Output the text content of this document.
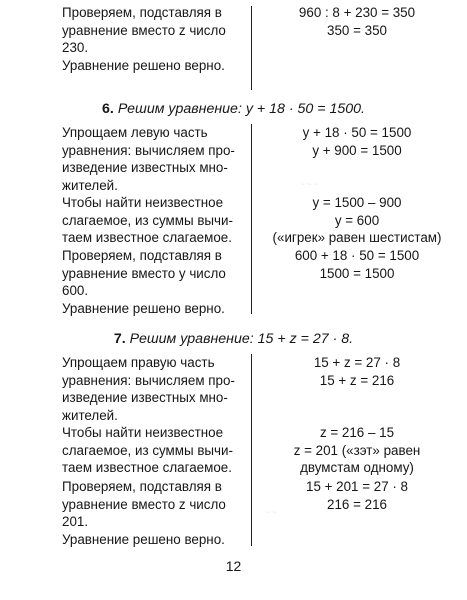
Проверяем, подставляя в

уравнение вместо z число

230.

Уравнение решено верно.

960 : 8 + 230 = 350
350 = 350
6. Решим уравнение: y + 18 · 50 = 1500.

Упрощаем левую часть

уравнения: вычисляем про-

изведение известных мно-

жителей.

y + 18 · 50 = 1500
y + 900 = 1500

Чтобы найти неизвестное

слагаемое, из суммы вычи-

таем известное слагаемое.

y = 1500 – 900
y = 600
(«игрек» равен шестистам)

Проверяем, подставляя в

уравнение вместо y число

600.

600 + 18 · 50 = 1500
1500 = 1500

Уравнение решено верно.

7. Решим уравнение: 15 + z = 27 · 8.

Упрощаем правую часть

уравнения: вычисляем про-

изведение известных мно-

жителей.

15 + z = 27 · 8
15 + z = 216

Чтобы найти неизвестное

слагаемое, из суммы вычи-

таем известное слагаемое.

z = 216 – 15
z = 201 («зэт» равен
двумстам одному)

Проверяем, подставляя в

уравнение вместо z число

201.

15 + 201 = 27 · 8
216 = 216

Уравнение решено верно.

~ ~ ~
~ ~
12
